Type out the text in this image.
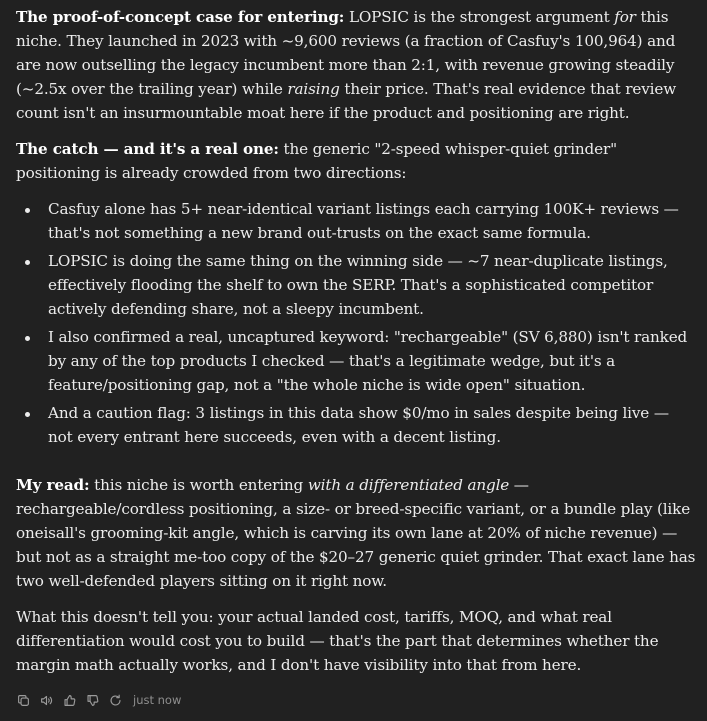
The proof-of-concept case for entering: LOPSIC is the strongest argument for this niche. They launched in 2023 with ~9,600 reviews (a fraction of Casfuy's 100,964) and are now outselling the legacy incumbent more than 2:1, with revenue growing steadily (~2.5x over the trailing year) while raising their price. That's real evidence that review count isn't an insurmountable moat here if the product and positioning are right.

The catch — and it's a real one: the generic "2-speed whisper-quiet grinder" positioning is already crowded from two directions:

Casfuy alone has 5+ near-identical variant listings each carrying 100K+ reviews — that's not something a new brand out-trusts on the exact same formula.
LOPSIC is doing the same thing on the winning side — ~7 near-duplicate listings, effectively flooding the shelf to own the SERP. That's a sophisticated competitor actively defending share, not a sleepy incumbent.
I also confirmed a real, uncaptured keyword: "rechargeable" (SV 6,880) isn't ranked by any of the top products I checked — that's a legitimate wedge, but it's a feature/positioning gap, not a "the whole niche is wide open" situation.
And a caution flag: 3 listings in this data show $0/mo in sales despite being live — not every entrant here succeeds, even with a decent listing.

My read: this niche is worth entering with a differentiated angle — rechargeable/cordless positioning, a size- or breed-specific variant, or a bundle play (like oneisall's grooming-kit angle, which is carving its own lane at 20% of niche revenue) — but not as a straight me-too copy of the $20–27 generic quiet grinder. That exact lane has two well-defended players sitting on it right now.

What this doesn't tell you: your actual landed cost, tariffs, MOQ, and what real differentiation would cost you to build — that's the part that determines whether the margin math actually works, and I don't have visibility into that from here.

just now
